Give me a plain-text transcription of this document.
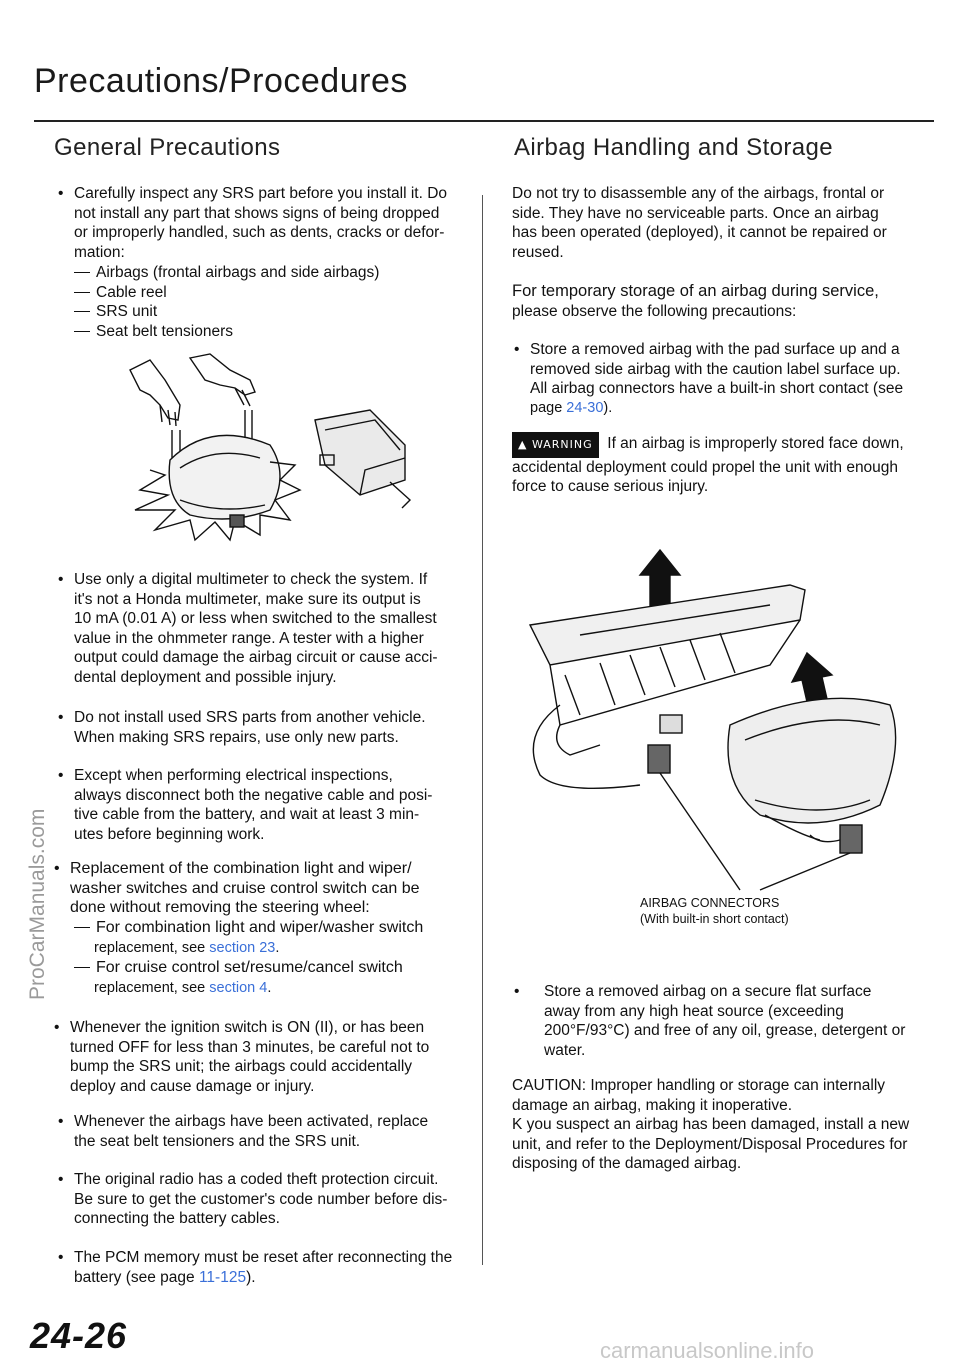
Precautions/Procedures
ProCarManuals.com
General Precautions
• Carefully inspect any SRS part before you install it. Do
not install any part that shows signs of being dropped
or improperly handled, such as dents, cracks or defor-
mation:
Airbags (frontal airbags and side airbags)
Cable reel
SRS unit
Seat belt tensioners
• Use only a digital multimeter to check the system. If
it's not a Honda multimeter, make sure its output is
10 mA (0.01 A) or less when switched to the smallest
value in the ohmmeter range. A tester with a higher
output could damage the airbag circuit or cause acci-
dental deployment and possible injury.
• Do not install used SRS parts from another vehicle.
When making SRS repairs, use only new parts.
• Except when performing electrical inspections,
always disconnect both the negative cable and posi-
tive cable from the battery, and wait at least 3 min-
utes before beginning work.
• Replacement of the combination light and wiper/
washer switches and cruise control switch can be
done without removing the steering wheel:
For combination light and wiper/washer switch
replacement, see section 23.
For cruise control set/resume/cancel switch
replacement, see section 4.
• Whenever the ignition switch is ON (II), or has been
turned OFF for less than 3 minutes, be careful not to
bump the SRS unit; the airbags could accidentally
deploy and cause damage or injury.
• Whenever the airbags have been activated, replace
the seat belt tensioners and the SRS unit.
• The original radio has a coded theft protection circuit.
Be sure to get the customer's code number before dis-
connecting the battery cables.
• The PCM memory must be reset after reconnecting the
battery (see page 11-125).
Airbag Handling and Storage
Do not try to disassemble any of the airbags, frontal or
side. They have no serviceable parts. Once an airbag
has been operated (deployed), it cannot be repaired or
reused.
For temporary storage of an airbag during service,
please observe the following precautions:
• Store a removed airbag with the pad surface up and a
removed side airbag with the caution label surface up.
All airbag connectors have a built-in short contact (see
page 24-30).
▲ WARNING If an airbag is improperly stored face down,
accidental deployment could propel the unit with enough
force to cause serious injury.
AIRBAG CONNECTORS
(With built-in short contact)
• Store a removed airbag on a secure flat surface
away from any high heat source (exceeding
200°F/93°C) and free of any oil, grease, detergent or
water.
CAUTION: Improper handling or storage can internally
damage an airbag, making it inoperative.
K you suspect an airbag has been damaged, install a new
unit, and refer to the Deployment/Disposal Procedures for
disposing of the damaged airbag.
24-26	carmanualsonline.info
